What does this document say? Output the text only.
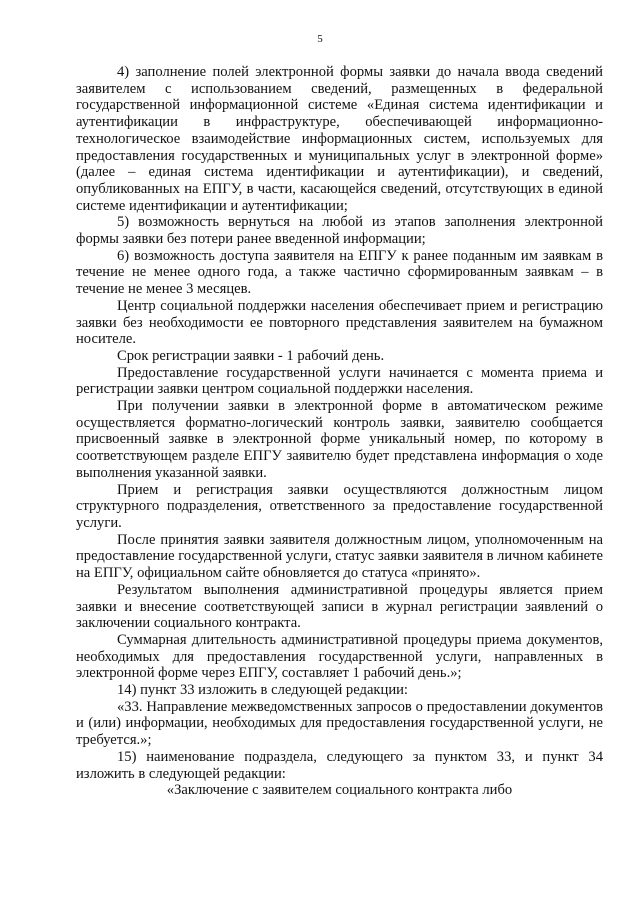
5

4) заполнение полей электронной формы заявки до начала ввода сведений заявителем с использованием сведений, размещенных в федеральной государственной информационной системе «Единая система идентификации и аутентификации в инфраструктуре, обеспечивающей информационно-технологическое взаимодействие информационных систем, используемых для предоставления государственных и муниципальных услуг в электронной форме» (далее – единая система идентификации и аутентификации), и сведений, опубликованных на ЕПГУ, в части, касающейся сведений, отсутствующих в единой системе идентификации и аутентификации;

5) возможность вернуться на любой из этапов заполнения электронной формы заявки без потери ранее введенной информации;

6) возможность доступа заявителя на ЕПГУ к ранее поданным им заявкам в течение не менее одного года, а также частично сформированным заявкам – в течение не менее 3 месяцев.

Центр социальной поддержки населения обеспечивает прием и регистрацию заявки без необходимости ее повторного представления заявителем на бумажном носителе.

Срок регистрации заявки - 1 рабочий день.

Предоставление государственной услуги начинается с момента приема и регистрации заявки центром социальной поддержки населения.

При получении заявки в электронной форме в автоматическом режиме осуществляется форматно-логический контроль заявки, заявителю сообщается присвоенный заявке в электронной форме уникальный номер, по которому в соответствующем разделе ЕПГУ заявителю будет представлена информация о ходе выполнения указанной заявки.

Прием и регистрация заявки осуществляются должностным лицом структурного подразделения, ответственного за предоставление государственной услуги.

После принятия заявки заявителя должностным лицом, уполномоченным на предоставление государственной услуги, статус заявки заявителя в личном кабинете на ЕПГУ, официальном сайте обновляется до статуса «принято».

Результатом выполнения административной процедуры является прием заявки и внесение соответствующей записи в журнал регистрации заявлений о заключении социального контракта.

Суммарная длительность административной процедуры приема документов, необходимых для предоставления государственной услуги, направленных в электронной форме через ЕПГУ, составляет 1 рабочий день.»;

14) пункт 33 изложить в следующей редакции:

«33. Направление межведомственных запросов о предоставлении документов и (или) информации, необходимых для предоставления государственной услуги, не требуется.»;

15) наименование подраздела, следующего за пунктом 33, и пункт 34 изложить в следующей редакции:

«Заключение с заявителем социального контракта либо
